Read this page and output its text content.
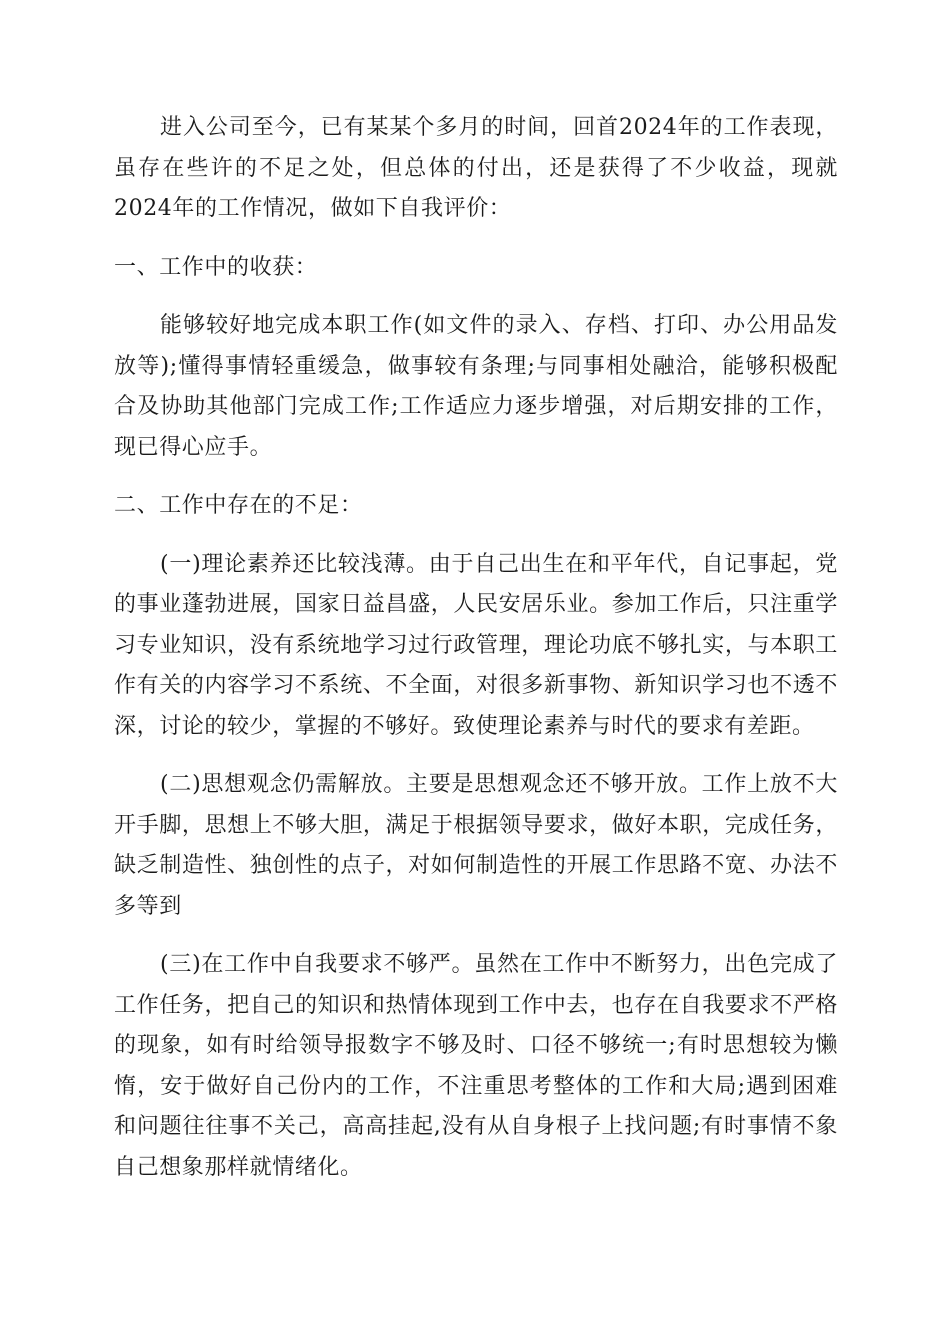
进入公司至今，已有某某个多月的时间，回首2024年的工作表现，虽存在些许的不足之处，但总体的付出，还是获得了不少收益，现就2024年的工作情况，做如下自我评价：

一、工作中的收获：

能够较好地完成本职工作(如文件的录入、存档、打印、办公用品发放等);懂得事情轻重缓急，做事较有条理;与同事相处融洽，能够积极配合及协助其他部门完成工作;工作适应力逐步增强，对后期安排的工作，现已得心应手。

二、工作中存在的不足：

(一)理论素养还比较浅薄。由于自己出生在和平年代，自记事起，党的事业蓬勃进展，国家日益昌盛，人民安居乐业。参加工作后，只注重学习专业知识，没有系统地学习过行政管理，理论功底不够扎实，与本职工作有关的内容学习不系统、不全面，对很多新事物、新知识学习也不透不深，讨论的较少，掌握的不够好。致使理论素养与时代的要求有差距。

(二)思想观念仍需解放。主要是思想观念还不够开放。工作上放不大开手脚，思想上不够大胆，满足于根据领导要求，做好本职，完成任务，缺乏制造性、独创性的点子，对如何制造性的开展工作思路不宽、办法不多等到

(三)在工作中自我要求不够严。虽然在工作中不断努力，出色完成了工作任务，把自己的知识和热情体现到工作中去，也存在自我要求不严格的现象，如有时给领导报数字不够及时、口径不够统一;有时思想较为懒惰，安于做好自己份内的工作，不注重思考整体的工作和大局;遇到困难和问题往往事不关己，高高挂起,没有从自身根子上找问题;有时事情不象自己想象那样就情绪化。
